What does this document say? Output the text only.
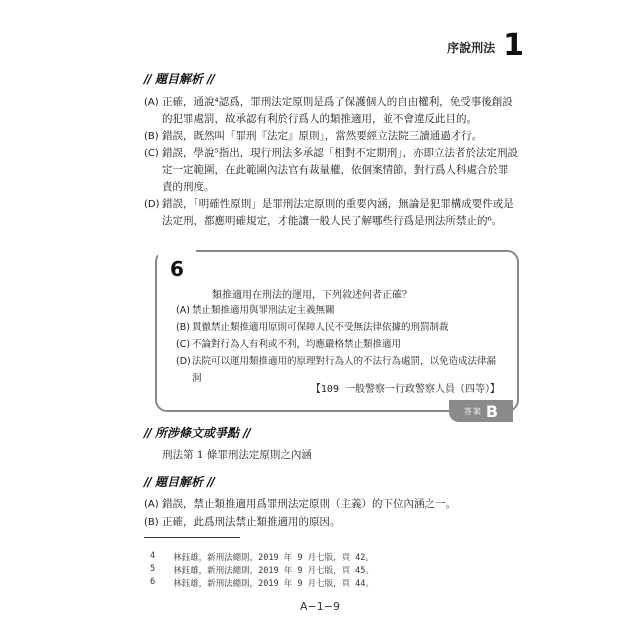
序說刑法 1
// 題目解析 //
(A) 正確，通說⁴認爲，罪刑法定原則是爲了保護個人的自由權利，免受事後創設的犯罪處罰，故承認有利於行爲人的類推適用，並不會違反此目的。
(B) 錯誤，既然叫「罪刑『法定』原則」，當然要經立法院三讀通過才行。
(C) 錯誤，學說⁵指出，現行刑法多承認「相對不定期刑」，亦即立法者於法定刑設定一定範圍，在此範圍內法官有裁量權，依個案情節，對行爲人科處合於罪責的刑度。
(D) 錯誤，「明確性原則」是罪刑法定原則的重要內涵，無論是犯罪構成要件或是法定刑，都應明確規定，才能讓一般人民了解哪些行爲是刑法所禁止的⁶。
6
類推適用在刑法的運用，下列敘述何者正確？
(A) 禁止類推適用與罪刑法定主義無關
(B) 貫徹禁止類推適用原則可保障人民不受無法律依據的刑罰制裁
(C) 不論對行為人有利或不利，均應嚴格禁止類推適用
(D) 法院可以運用類推適用的原理對行為人的不法行為處罰，以免造成法律漏洞
【109 一般警察一行政警察人員（四等）】
答案 B
// 所涉條文或爭點 //
刑法第 1 條罪刑法定原則之內涵
// 題目解析 //
(A) 錯誤，禁止類推適用爲罪刑法定原則（主義）的下位內涵之一。
(B) 正確，此爲刑法禁止類推適用的原因。
4 林鈺雄，新刑法總則，2019 年 9 月七版，頁 42。
5 林鈺雄，新刑法總則，2019 年 9 月七版，頁 45。
6 林鈺雄，新刑法總則，2019 年 9 月七版，頁 44。
A−1−9
